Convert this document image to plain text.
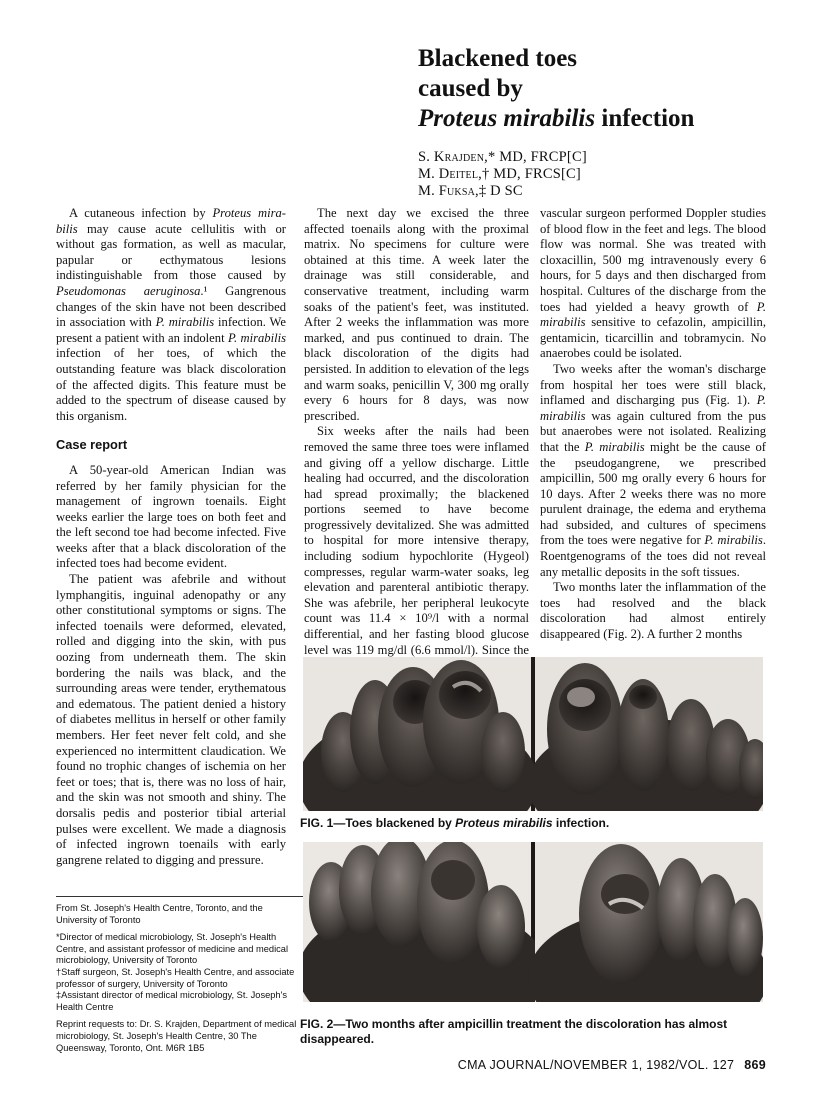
Blackened toes
caused by
Proteus mirabilis infection
S. Krajden,* MD, FRCP[C]
M. Deitel,† MD, FRCS[C]
M. Fuksa,‡ D SC

A cutaneous infection by Proteus mira-bilis may cause acute cellulitis with or without gas formation, as well as macular, papular or ecthymatous lesions indistinguishable from those caused by Pseudomonas aeruginosa.¹ Gangrenous changes of the skin have not been described in association with P. mirabilis infection. We present a patient with an indolent P. mirabilis infection of her toes, of which the outstanding feature was black discoloration of the affected digits. This feature must be added to the spectrum of disease caused by this organism.

Case report

A 50-year-old American Indian was referred by her family physician for the management of ingrown toenails. Eight weeks earlier the large toes on both feet and the left second toe had become infected. Five weeks after that a black discoloration of the infected toes had become evident.

The patient was afebrile and without lymphangitis, inguinal adenopathy or any other constitutional symptoms or signs. The infected toenails were deformed, elevated, rolled and digging into the skin, with pus oozing from underneath them. The skin bordering the nails was black, and the surrounding areas were tender, erythematous and edematous. The patient denied a history of diabetes mellitus in herself or other family members. Her feet never felt cold, and she experienced no intermittent claudication. We found no trophic changes of ischemia on her feet or toes; that is, there was no loss of hair, and the skin was not smooth and shiny. The dorsalis pedis and posterior tibial arterial pulses were excellent. We made a diagnosis of infected ingrown toenails with early gangrene related to digging and pressure.

The next day we excised the three affected toenails along with the proximal matrix. No specimens for culture were obtained at this time. A week later the drainage was still considerable, and conservative treatment, including warm soaks of the patient's feet, was instituted. After 2 weeks the inflammation was more marked, and pus continued to drain. The black discoloration of the digits had persisted. In addition to elevation of the legs and warm soaks, penicillin V, 300 mg orally every 6 hours for 8 days, was now prescribed.

Six weeks after the nails had been removed the same three toes were inflamed and giving off a yellow discharge. Little healing had occurred, and the discoloration had spread proximally; the blackened portions seemed to have become progressively devitalized. She was admitted to hospital for more intensive therapy, including sodium hypochlorite (Hygeol) compresses, regular warm-water soaks, leg elevation and parenteral antibiotic therapy. She was afebrile, her peripheral leukocyte count was 11.4 × 10⁹/l with a normal differential, and her fasting blood glucose level was 119 mg/dl (6.6 mmol/l). Since the

vascular surgeon performed Doppler studies of blood flow in the feet and legs. The blood flow was normal. She was treated with cloxacillin, 500 mg intravenously every 6 hours, for 5 days and then discharged from hospital. Cultures of the discharge from the toes had yielded a heavy growth of P. mirabilis sensitive to cefazolin, ampicillin, gentamicin, ticarcillin and tobramycin. No anaerobes could be isolated.

Two weeks after the woman's discharge from hospital her toes were still black, inflamed and discharging pus (Fig. 1). P. mirabilis was again cultured from the pus but anaerobes were not isolated. Realizing that the P. mirabilis might be the cause of the pseudogangrene, we prescribed ampicillin, 500 mg orally every 6 hours for 10 days. After 2 weeks there was no more purulent drainage, the edema and erythema had subsided, and cultures of specimens from the toes were negative for P. mirabilis. Roentgenograms of the toes did not reveal any metallic deposits in the soft tissues.

Two months later the inflammation of the toes had resolved and the black discoloration had almost entirely disappeared (Fig. 2). A further 2 months

From St. Joseph's Health Centre, Toronto, and the University of Toronto

*Director of medical microbiology, St. Joseph's Health Centre, and assistant professor of medicine and medical microbiology, University of Toronto

†Staff surgeon, St. Joseph's Health Centre, and associate professor of surgery, University of Toronto

‡Assistant director of medical microbiology, St. Joseph's Health Centre

Reprint requests to: Dr. S. Krajden, Department of medical microbiology, St. Joseph's Health Centre, 30 The Queensway, Toronto, Ont. M6R 1B5

FIG. 1—Toes blackened by Proteus mirabilis infection.
FIG. 2—Two months after ampicillin treatment the discoloration has almost disappeared.
CMA JOURNAL/NOVEMBER 1, 1982/VOL. 127 869
